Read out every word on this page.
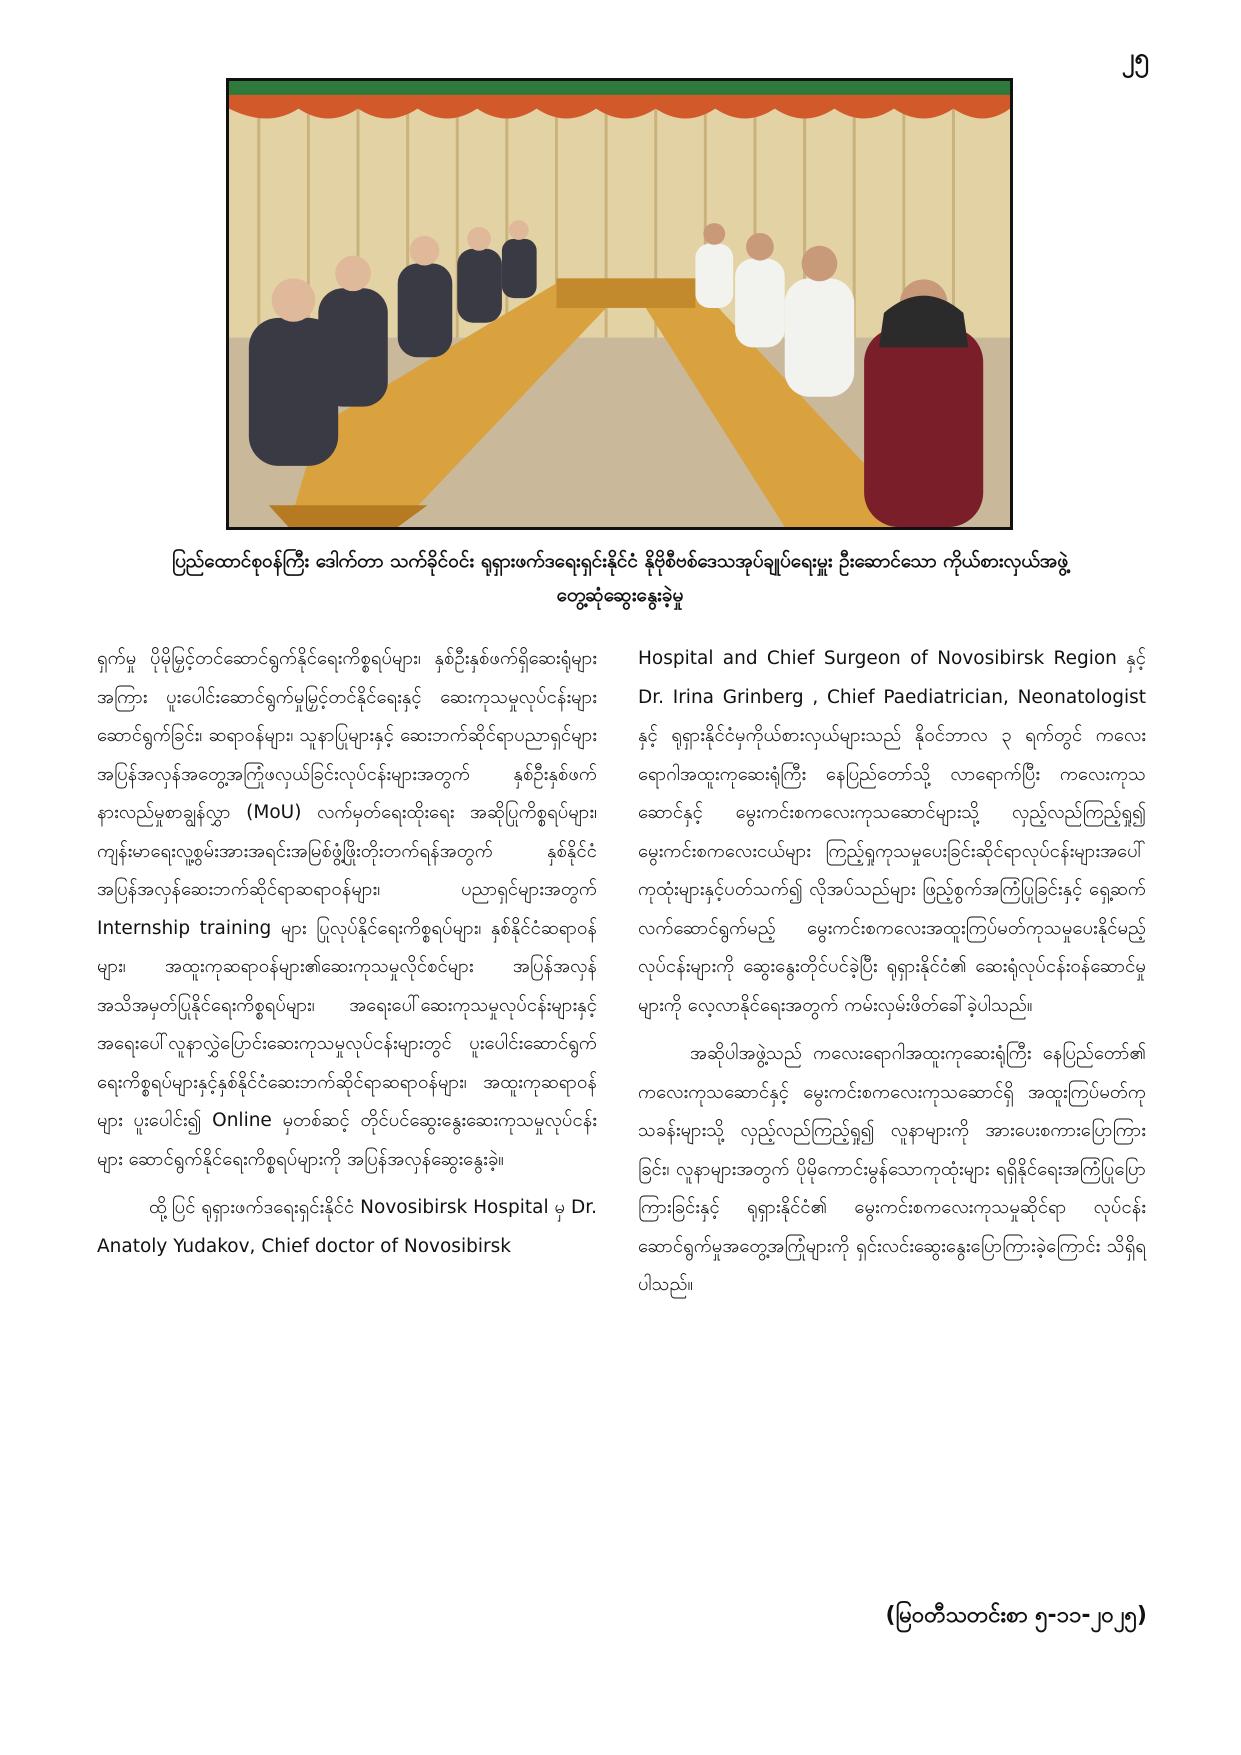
၂၅
ပြည်ထောင်စုဝန်ကြီး ဒေါက်တာ သက်ခိုင်ဝင်း ရုရှားဖက်ဒရေးရှင်းနိုင်ငံ နိုဗိုစီဗစ်ဒေသအုပ်ချုပ်ရေးမှူး ဦးဆောင်သော ကိုယ်စားလှယ်အဖွဲ့
တွေ့ဆုံဆွေးနွေးခဲ့မှု

ရှက်မှု ပိုမိုမြှင့်တင်ဆောင်ရွက်နိုင်ရေးကိစ္စရပ်များ၊ နှစ်ဦးနှစ်ဖက်ရှိဆေးရုံများအကြား ပူးပေါင်းဆောင်ရွက်မှုမြှင့်တင်နိုင်ရေးနှင့် ဆေးကုသမှုလုပ်ငန်းများ ဆောင်ရွက်ခြင်း၊ ဆရာဝန်များ၊ သူနာပြုများနှင့် ဆေးဘက်ဆိုင်ရာပညာရှင်များ အပြန်အလှန်အတွေ့အကြုံဖလှယ်ခြင်းလုပ်ငန်းများအတွက် နှစ်ဦးနှစ်ဖက်နားလည်မှုစာချွန်လွှာ (MoU) လက်မှတ်ရေးထိုးရေး အဆိုပြုကိစ္စရပ်များ၊ ကျန်းမာရေးလူ့စွမ်းအားအရင်းအမြစ်ဖွံ့ဖြိုးတိုးတက်ရန်အတွက် နှစ်နိုင်ငံ အပြန်အလှန်ဆေးဘက်ဆိုင်ရာဆရာဝန်များ၊ ပညာရှင်များအတွက် Internship training များ ပြုလုပ်နိုင်ရေးကိစ္စရပ်များ၊ နှစ်နိုင်ငံဆရာဝန်များ၊ အထူးကုဆရာဝန်များ၏ဆေးကုသမှုလိုင်စင်များ အပြန်အလှန်အသိအမှတ်ပြုနိုင်ရေးကိစ္စရပ်များ၊ အရေးပေါ်ဆေးကုသမှုလုပ်ငန်းများနှင့် အရေးပေါ်လူနာလွှဲပြောင်းဆေးကုသမှုလုပ်ငန်းများတွင် ပူးပေါင်းဆောင်ရွက်ရေးကိစ္စရပ်များနှင့်နှစ်နိုင်ငံဆေးဘက်ဆိုင်ရာဆရာဝန်များ၊ အထူးကုဆရာဝန်များ ပူးပေါင်း၍ Online မှတစ်ဆင့် တိုင်ပင်ဆွေးနွေးဆေးကုသမှုလုပ်ငန်းများ ဆောင်ရွက်နိုင်ရေးကိစ္စရပ်များကို အပြန်အလှန်ဆွေးနွေးခဲ့။

ထို့ပြင် ရုရှားဖက်ဒရေးရှင်းနိုင်ငံ Novosibirsk Hospital မှ Dr. Anatoly Yudakov, Chief doctor of Novosibirsk

Hospital and Chief Surgeon of Novosibirsk Region နှင့် Dr. Irina Grinberg , Chief Paediatrician, Neonatologist နှင့် ရုရှားနိုင်ငံမှကိုယ်စားလှယ်များသည် နိုဝင်ဘာလ ၃ ရက်တွင် ကလေးရောဂါအထူးကုဆေးရုံကြီး နေပြည်တော်သို့ လာရောက်ပြီး ကလေးကုသဆောင်နှင့် မွေးကင်းစကလေးကုသဆောင်များသို့ လှည့်လည်ကြည့်ရှု၍ မွေးကင်းစကလေးငယ်များ ကြည့်ရှုကုသမှုပေးခြင်းဆိုင်ရာလုပ်ငန်းများအပေါ် ကုထုံးများနှင့်ပတ်သက်၍ လိုအပ်သည်များ ဖြည့်စွက်အကြံပြုခြင်းနှင့် ရှေ့ဆက်လက်ဆောင်ရွက်မည့် မွေးကင်းစကလေးအထူးကြပ်မတ်ကုသမှုပေးနိုင်မည့်လုပ်ငန်းများကို ဆွေးနွေးတိုင်ပင်ခဲ့ပြီး ရုရှားနိုင်ငံ၏ ဆေးရုံလုပ်ငန်းဝန်ဆောင်မှုများကို လေ့လာနိုင်ရေးအတွက် ကမ်းလှမ်းဖိတ်ခေါ်ခဲ့ပါသည်။

အဆိုပါအဖွဲ့သည် ကလေးရောဂါအထူးကုဆေးရုံကြီး နေပြည်တော်၏ ကလေးကုသဆောင်နှင့် မွေးကင်းစကလေးကုသဆောင်ရှိ အထူးကြပ်မတ်ကုသခန်းများသို့ လှည့်လည်ကြည့်ရှု၍ လူနာများကို အားပေးစကားပြောကြားခြင်း၊ လူနာများအတွက် ပိုမိုကောင်းမွန်သောကုထုံးများ ရရှိနိုင်ရေးအကြံပြုပြောကြားခြင်းနှင့် ရုရှားနိုင်ငံ၏ မွေးကင်းစကလေးကုသမှုဆိုင်ရာ လုပ်ငန်းဆောင်ရွက်မှုအတွေ့အကြုံများကို ရှင်းလင်းဆွေးနွေးပြောကြားခဲ့ကြောင်း သိရှိရပါသည်။

(မြဝတီသတင်းစာ ၅-၁၁-၂၀၂၅)
